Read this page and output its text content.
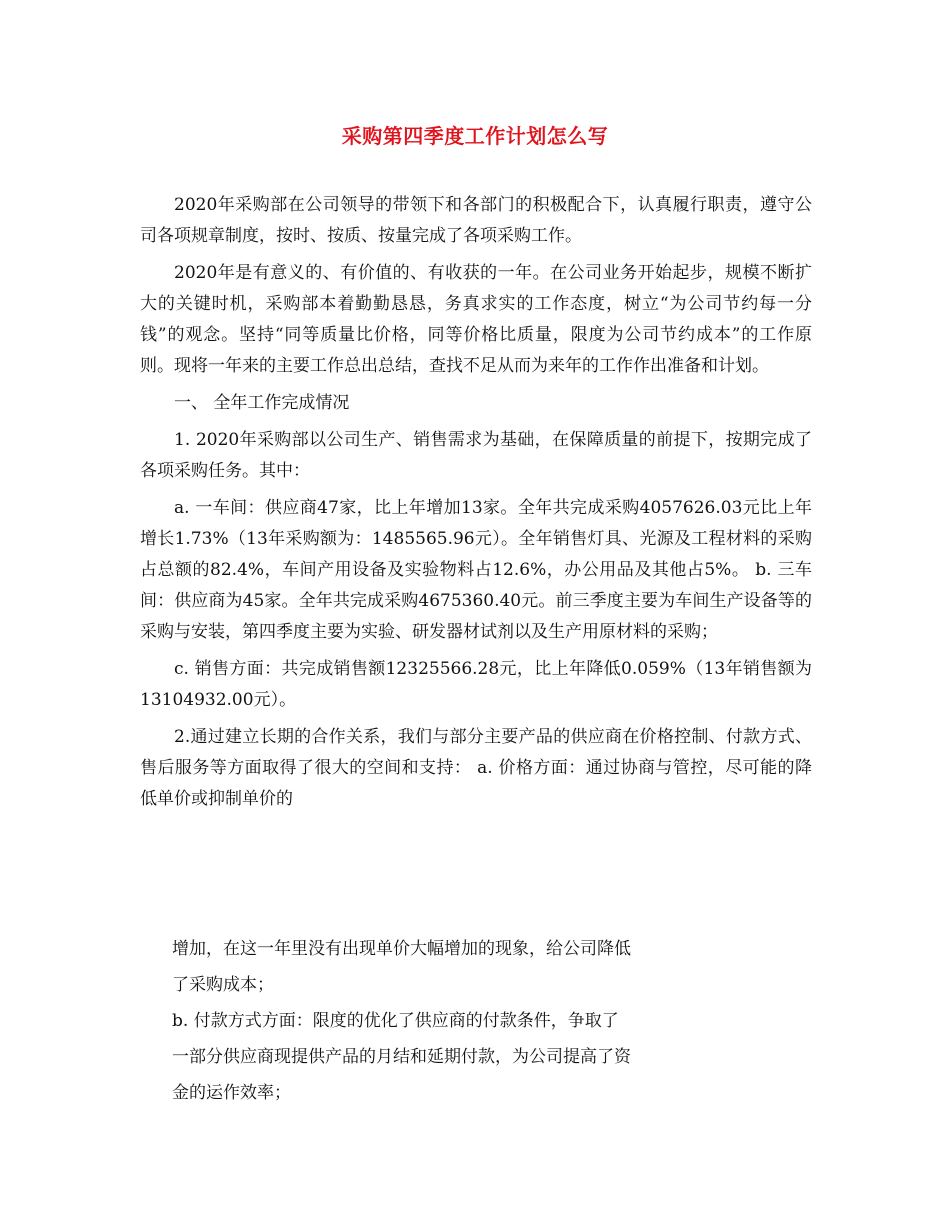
采购第四季度工作计划怎么写

2020年采购部在公司领导的带领下和各部门的积极配合下，认真履行职责，遵守公司各项规章制度，按时、按质、按量完成了各项采购工作。

2020年是有意义的、有价值的、有收获的一年。在公司业务开始起步，规模不断扩大的关键时机，采购部本着勤勤恳恳，务真求实的工作态度，树立“为公司节约每一分钱”的观念。坚持“同等质量比价格，同等价格比质量，限度为公司节约成本”的工作原则。现将一年来的主要工作总出总结，查找不足从而为来年的工作作出准备和计划。

一、 全年工作完成情况

1. 2020年采购部以公司生产、销售需求为基础，在保障质量的前提下，按期完成了各项采购任务。其中：

a. 一车间：供应商47家，比上年增加13家。全年共完成采购4057626.03元比上年增长1.73%（13年采购额为：1485565.96元）。全年销售灯具、光源及工程材料的采购占总额的82.4%，车间产用设备及实验物料占12.6%，办公用品及其他占5%。 b. 三车间：供应商为45家。全年共完成采购4675360.40元。前三季度主要为车间生产设备等的采购与安装，第四季度主要为实验、研发器材试剂以及生产用原材料的采购；

c. 销售方面：共完成销售额12325566.28元，比上年降低0.059%（13年销售额为13104932.00元）。

2.通过建立长期的合作关系，我们与部分主要产品的供应商在价格控制、付款方式、售后服务等方面取得了很大的空间和支持： a. 价格方面：通过协商与管控，尽可能的降低单价或抑制单价的

增加，在这一年里没有出现单价大幅增加的现象，给公司降低

了采购成本；

b. 付款方式方面：限度的优化了供应商的付款条件，争取了

一部分供应商现提供产品的月结和延期付款，为公司提高了资

金的运作效率；
